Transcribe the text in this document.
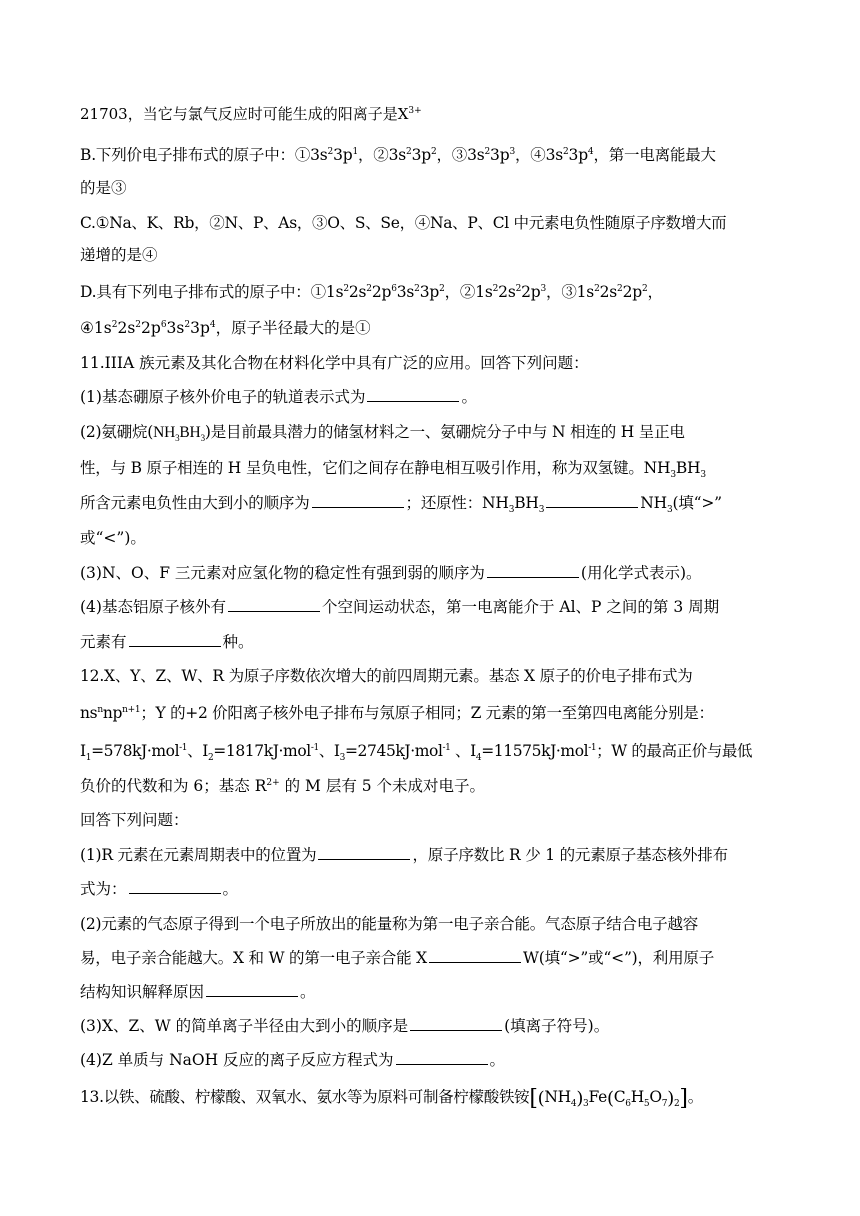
21703，当它与氯气反应时可能生成的阳离子是$X^{3+}$
B.下列价电子排布式的原子中：$①3s^23p^1$，$②3s^23p^2$，$③3s^23p^3$，$④3s^23p^4$，第一电离能最大
的是③
C.①Na、K、Rb，②N、P、As，③O、S、Se，④Na、P、Cl 中元素电负性随原子序数增大而
递增的是④
D.具有下列电子排布式的原子中：$①1s^22s^22p^63s^23p^2$，$②1s^22s^22p^3$，$③1s^22s^22p^2$，
$④1s^22s^22p^63s^23p^4$，原子半径最大的是①
11.IIIA 族元素及其化合物在材料化学中具有广泛的应用。回答下列问题：
(1)基态硼原子核外价电子的轨道表示式为	。
(2)氨硼烷$(NH_3BH_3)$是目前最具潜力的储氢材料之一、氨硼烷分子中与 N 相连的 H 呈正电
性，与 B 原子相连的 H 呈负电性，它们之间存在静电相互吸引作用，称为双氢键。$NH_3BH_3$
所含元素电负性由大到小的顺序为	；还原性：$NH_3BH_3$	$NH_3$(填“>”
或“<”)。
(3)N、O、F 三元素对应氢化物的稳定性有强到弱的顺序为	(用化学式表示)。
(4)基态铝原子核外有	个空间运动状态，第一电离能介于 Al、P 之间的第 3 周期
元素有	种。
12.X、Y、Z、W、R 为原子序数依次增大的前四周期元素。基态 X 原子的价电子排布式为
$ns^nnp^{n+1}$；Y 的+2 价阳离子核外电子排布与氖原子相同；Z 元素的第一至第四电离能分别是：
$I_1=578kJ\cdot mol^{-1}$、$I_2=1817kJ\cdot mol^{-1}$、$I_3=2745kJ\cdot mol^{-1}$ 、$I_4=11575kJ\cdot mol^{-1}$；W 的最高正价与最低
负价的代数和为 6；基态 $R^{2+}$ 的 M 层有 5 个未成对电子。
回答下列问题：
(1)R 元素在元素周期表中的位置为	，原子序数比 R 少 1 的元素原子基态核外排布
式为：	。
(2)元素的气态原子得到一个电子所放出的能量称为第一电子亲合能。气态原子结合电子越容
易，电子亲合能越大。X 和 W 的第一电子亲合能 X	W(填“>”或“<”)，利用原子
结构知识解释原因	。
(3)X、Z、W 的简单离子半径由大到小的顺序是	(填离子符号)。
(4)Z 单质与 NaOH 反应的离子反应方程式为	。
13.以铁、硫酸、柠檬酸、双氧水、氨水等为原料可制备柠檬酸铁铵$[(NH_4)_3Fe(C_6H_5O_7)_2]$。
